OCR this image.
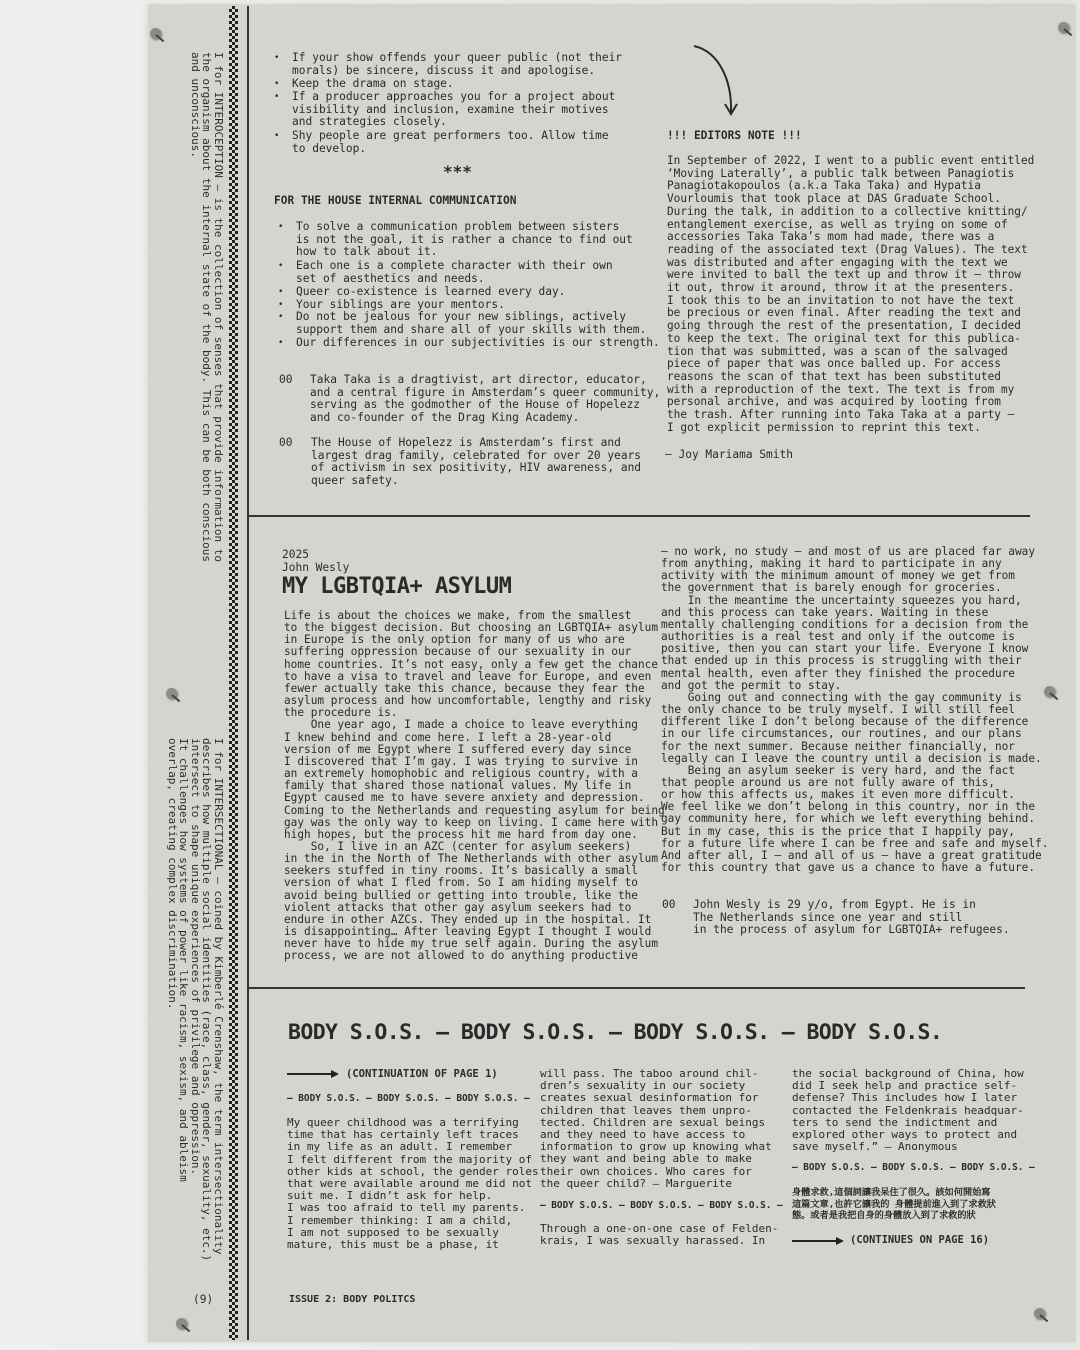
I for INTEROCEPTION — is the collection of senses that provide information to
the organism about the internal state of the body. This can be both conscious
and unconscious.
I for INTERSECTIONAL — coined by Kimberlé Crenshaw, the term intersectionality
describes how multiple social identities (race, class, gender, sexuality, etc.)
intersect to shape unique experiences of privilege and oppression.
It challenges how systems of power like racism, sexism, and ableism
overlap, creating complex discrimination.
(9)
• If your show offends your queer public (not their
morals) be sincere, discuss it and apologise.
• Keep the drama on stage.
• If a producer approaches you for a project about
visibility and inclusion, examine their motives
and strategies closely.
• Shy people are great performers too. Allow time
to develop.
***
FOR THE HOUSE INTERNAL COMMUNICATION
• To solve a communication problem between sisters
is not the goal, it is rather a chance to find out
how to talk about it.
• Each one is a complete character with their own
set of aesthetics and needs.
• Queer co-existence is learned every day.
• Your siblings are your mentors.
• Do not be jealous for your new siblings, actively
support them and share all of your skills with them.
• Our differences in our subjectivities is our strength.
00 Taka Taka is a dragtivist, art director, educator,
and a central figure in Amsterdam’s queer community,
serving as the godmother of the House of Hopelezz
and co-founder of the Drag King Academy.
00 The House of Hopelezz is Amsterdam’s first and
largest drag family, celebrated for over 20 years
of activism in sex positivity, HIV awareness, and
queer safety.
!!! EDITORS NOTE !!!
In September of 2022, I went to a public event entitled
‘Moving Laterally’, a public talk between Panagiotis
Panagiotakopoulos (a.k.a Taka Taka) and Hypatia
Vourloumis that took place at DAS Graduate School.
During the talk, in addition to a collective knitting/
entanglement exercise, as well as trying on some of
accessories Taka Taka’s mom had made, there was a
reading of the associated text (Drag Values). The text
was distributed and after engaging with the text we
were invited to ball the text up and throw it — throw
it out, throw it around, throw it at the presenters.
I took this to be an invitation to not have the text
be precious or even final. After reading the text and
going through the rest of the presentation, I decided
to keep the text. The original text for this publica-
tion that was submitted, was a scan of the salvaged
piece of paper that was once balled up. For access
reasons the scan of that text has been substituted
with a reproduction of the text. The text is from my
personal archive, and was acquired by looting from
the trash. After running into Taka Taka at a party —
I got explicit permission to reprint this text.
— Joy Mariama Smith
2025
John Wesly
MY LGBTQIA+ ASYLUM
Life is about the choices we make, from the smallest
to the biggest decision. But choosing an LGBTQIA+ asylum
in Europe is the only option for many of us who are
suffering oppression because of our sexuality in our
home countries. It’s not easy, only a few get the chance
to have a visa to travel and leave for Europe, and even
fewer actually take this chance, because they fear the
asylum process and how uncomfortable, lengthy and risky
the procedure is.
One year ago, I made a choice to leave everything
I knew behind and come here. I left a 28-year-old
version of me Egypt where I suffered every day since
I discovered that I’m gay. I was trying to survive in
an extremely homophobic and religious country, with a
family that shared those national values. My life in
Egypt caused me to have severe anxiety and depression.
Coming to the Netherlands and requesting asylum for being
gay was the only way to keep on living. I came here with
high hopes, but the process hit me hard from day one.
So, I live in an AZC (center for asylum seekers)
in the in the North of The Netherlands with other asylum
seekers stuffed in tiny rooms. It’s basically a small
version of what I fled from. So I am hiding myself to
avoid being bullied or getting into trouble, like the
violent attacks that other gay asylum seekers had to
endure in other AZCs. They ended up in the hospital. It
is disappointing… After leaving Egypt I thought I would
never have to hide my true self again. During the asylum
process, we are not allowed to do anything productive
— no work, no study — and most of us are placed far away
from anything, making it hard to participate in any
activity with the minimum amount of money we get from
the government that is barely enough for groceries.
In the meantime the uncertainty squeezes you hard,
and this process can take years. Waiting in these
mentally challenging conditions for a decision from the
authorities is a real test and only if the outcome is
positive, then you can start your life. Everyone I know
that ended up in this process is struggling with their
mental health, even after they finished the procedure
and got the permit to stay.
Going out and connecting with the gay community is
the only chance to be truly myself. I will still feel
different like I don’t belong because of the difference
in our life circumstances, our routines, and our plans
for the next summer. Because neither financially, nor
legally can I leave the country until a decision is made.
Being an asylum seeker is very hard, and the fact
that people around us are not fully aware of this,
or how this affects us, makes it even more difficult.
We feel like we don’t belong in this country, nor in the
gay community here, for which we left everything behind.
But in my case, this is the price that I happily pay,
for a future life where I can be free and safe and myself.
And after all, I — and all of us — have a great gratitude
for this country that gave us a chance to have a future.
00 John Wesly is 29 y/o, from Egypt. He is in
The Netherlands since one year and still
in the process of asylum for LGBTQIA+ refugees.
BODY S.O.S. — BODY S.O.S. — BODY S.O.S. — BODY S.O.S.
(CONTINUATION OF PAGE 1)
— BODY S.O.S. — BODY S.O.S. — BODY S.O.S. —
My queer childhood was a terrifying
time that has certainly left traces
in my life as an adult. I remember
I felt different from the majority of
other kids at school, the gender roles
that were available around me did not
suit me. I didn’t ask for help.
I was too afraid to tell my parents.
I remember thinking: I am a child,
I am not supposed to be sexually
mature, this must be a phase, it
will pass. The taboo around chil-
dren’s sexuality in our society
creates sexual desinformation for
children that leaves them unpro-
tected. Children are sexual beings
and they need to have access to
information to grow up knowing what
they want and being able to make
their own choices. Who cares for
the queer child? — Marguerite
— BODY S.O.S. — BODY S.O.S. — BODY S.O.S. —
Through a one-on-one case of Felden-
krais, I was sexually harassed. In
the social background of China, how
did I seek help and practice self-
defense? This includes how I later
contacted the Feldenkrais headquar-
ters to send the indictment and
explored other ways to protect and
save myself.” — Anonymous
— BODY S.O.S. — BODY S.O.S. — BODY S.O.S. —
身體求救,這個詞讓我呆住了很久。該如何開始寫
這篇文章,也許它讓我的 身體提前進入到了求救狀
態。或者是我把自身的身體放入到了求救的狀
(CONTINUES ON PAGE 16)
ISSUE 2: BODY POLITCS
